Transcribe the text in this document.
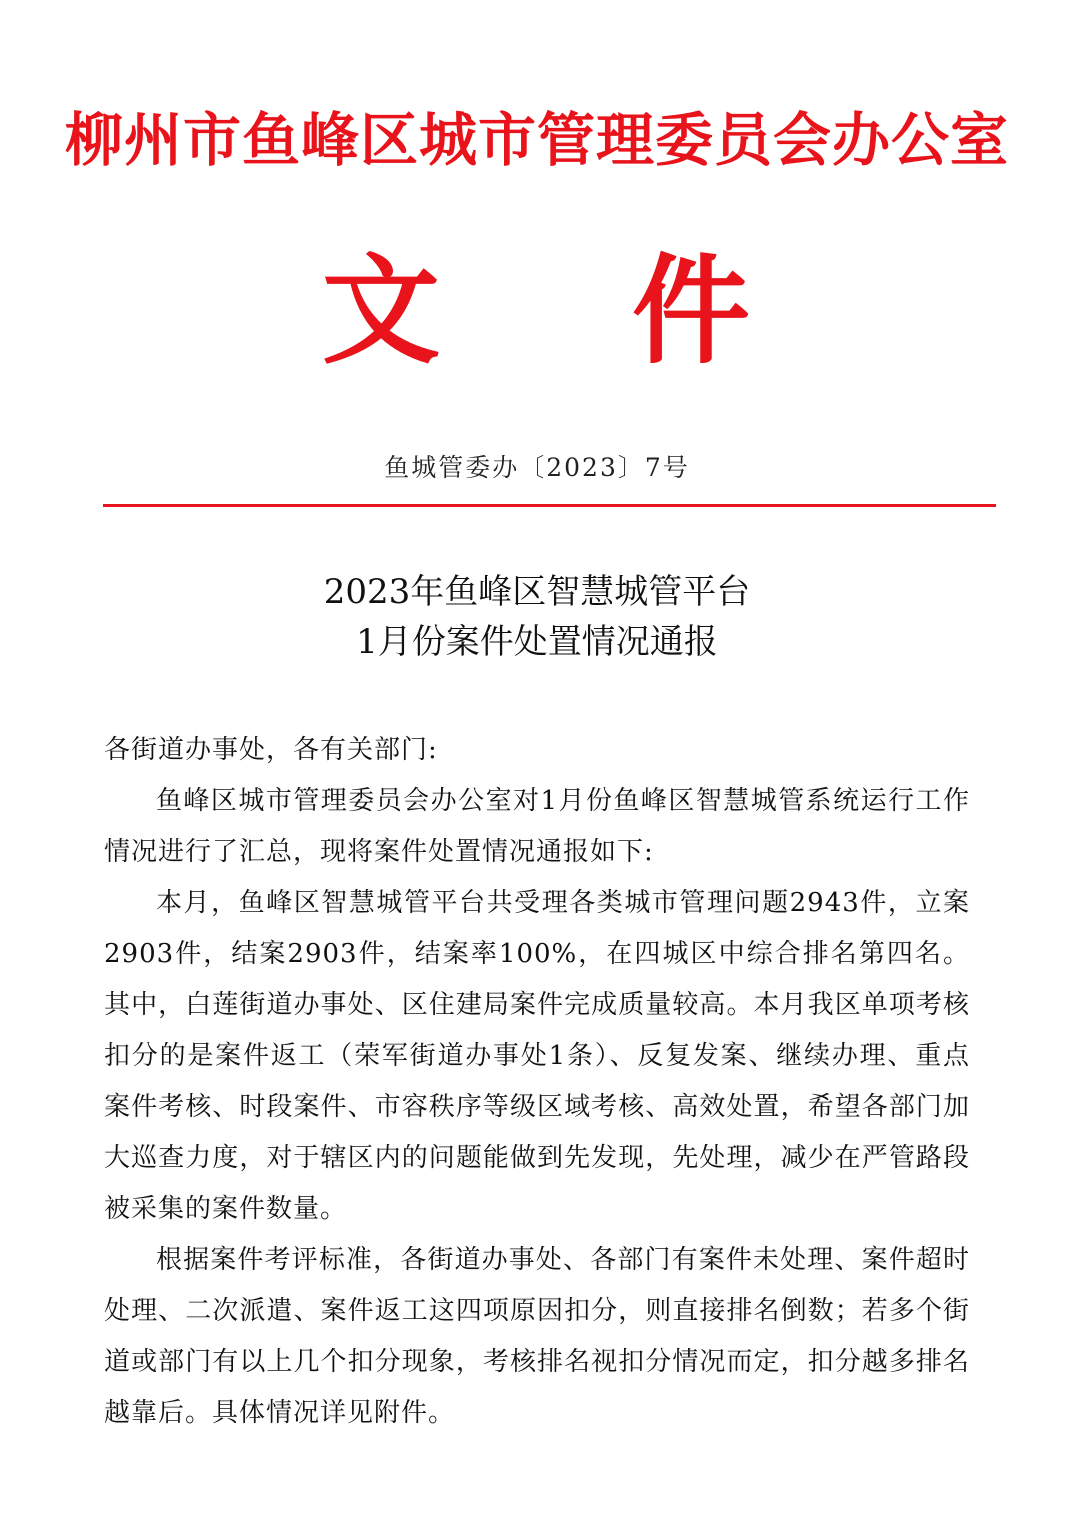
柳州市鱼峰区城市管理委员会办公室
文 件
鱼城管委办〔2023〕7号
2023年鱼峰区智慧城管平台
1月份案件处置情况通报

各街道办事处，各有关部门:

鱼峰区城市管理委员会办公室对1月份鱼峰区智慧城管系统运行工作情况进行了汇总，现将案件处置情况通报如下:

本月，鱼峰区智慧城管平台共受理各类城市管理问题2943件，立案2903件，结案2903件，结案率100%，在四城区中综合排名第四名。其中，白莲街道办事处、区住建局案件完成质量较高。本月我区单项考核扣分的是案件返工（荣军街道办事处1条）、反复发案、继续办理、重点案件考核、时段案件、市容秩序等级区域考核、高效处置，希望各部门加大巡查力度，对于辖区内的问题能做到先发现，先处理，减少在严管路段被采集的案件数量。

根据案件考评标准，各街道办事处、各部门有案件未处理、案件超时处理、二次派遣、案件返工这四项原因扣分，则直接排名倒数；若多个街道或部门有以上几个扣分现象，考核排名视扣分情况而定，扣分越多排名越靠后。具体情况详见附件。
